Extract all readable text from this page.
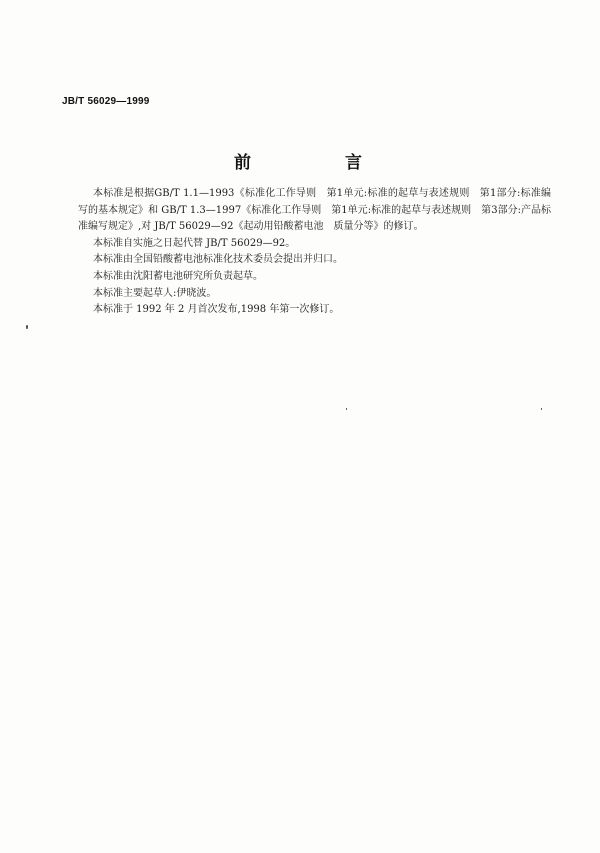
JB/T 56029—1999
前 言

本标准是根据GB/T 1.1—1993《标准化工作导则　第1单元:标准的起草与表述规则　第1部分:标准编写的基本规定》和 GB/T 1.3—1997《标准化工作导则　第1单元:标准的起草与表述规则　第3部分:产品标准编写规定》,对 JB/T 56029—92《起动用铅酸蓄电池　质量分等》的修订。

本标准自实施之日起代替 JB/T 56029—92。

本标准由全国铅酸蓄电池标准化技术委员会提出并归口。

本标准由沈阳蓄电池研究所负责起草。

本标准主要起草人:伊晓波。

本标准于 1992 年 2 月首次发布,1998 年第一次修订。
